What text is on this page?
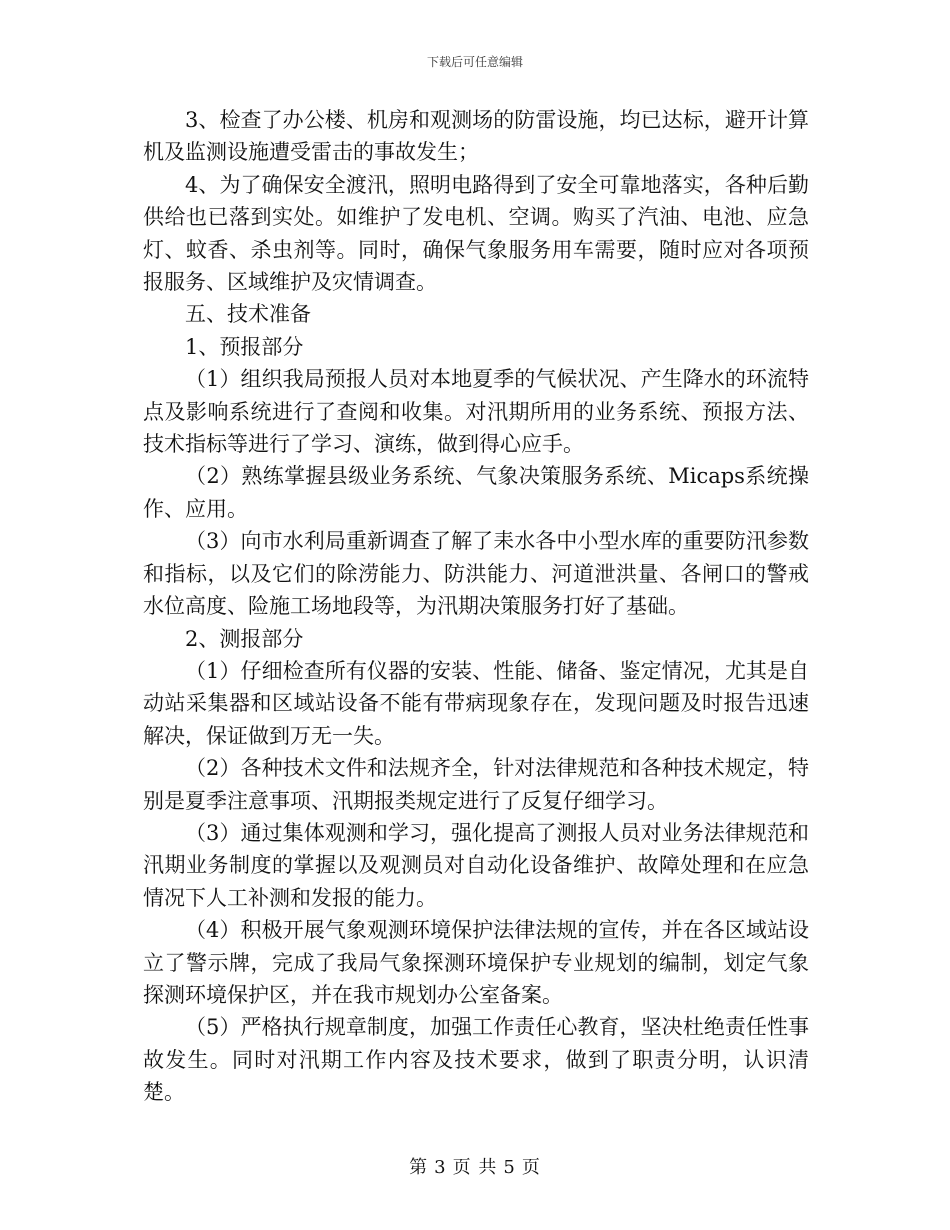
下载后可任意编辑

3、检查了办公楼、机房和观测场的防雷设施，均已达标，避开计算机及监测设施遭受雷击的事故发生；

4、为了确保安全渡汛，照明电路得到了安全可靠地落实，各种后勤供给也已落到实处。如维护了发电机、空调。购买了汽油、电池、应急灯、蚊香、杀虫剂等。同时，确保气象服务用车需要，随时应对各项预报服务、区域维护及灾情调查。

五、技术准备

1、预报部分

（1）组织我局预报人员对本地夏季的气候状况、产生降水的环流特点及影响系统进行了查阅和收集。对汛期所用的业务系统、预报方法、技术指标等进行了学习、演练，做到得心应手。

（2）熟练掌握县级业务系统、气象决策服务系统、Micaps系统操作、应用。

（3）向市水利局重新调查了解了耒水各中小型水库的重要防汛参数和指标，以及它们的除涝能力、防洪能力、河道泄洪量、各闸口的警戒水位高度、险施工场地段等，为汛期决策服务打好了基础。

2、测报部分

（1）仔细检查所有仪器的安装、性能、储备、鉴定情况，尤其是自动站采集器和区域站设备不能有带病现象存在，发现问题及时报告迅速解决，保证做到万无一失。

（2）各种技术文件和法规齐全，针对法律规范和各种技术规定，特别是夏季注意事项、汛期报类规定进行了反复仔细学习。

（3）通过集体观测和学习，强化提高了测报人员对业务法律规范和汛期业务制度的掌握以及观测员对自动化设备维护、故障处理和在应急情况下人工补测和发报的能力。

（4）积极开展气象观测环境保护法律法规的宣传，并在各区域站设立了警示牌，完成了我局气象探测环境保护专业规划的编制，划定气象探测环境保护区，并在我市规划办公室备案。

（5）严格执行规章制度，加强工作责任心教育，坚决杜绝责任性事故发生。同时对汛期工作内容及技术要求，做到了职责分明，认识清楚。

第 3 页 共 5 页
